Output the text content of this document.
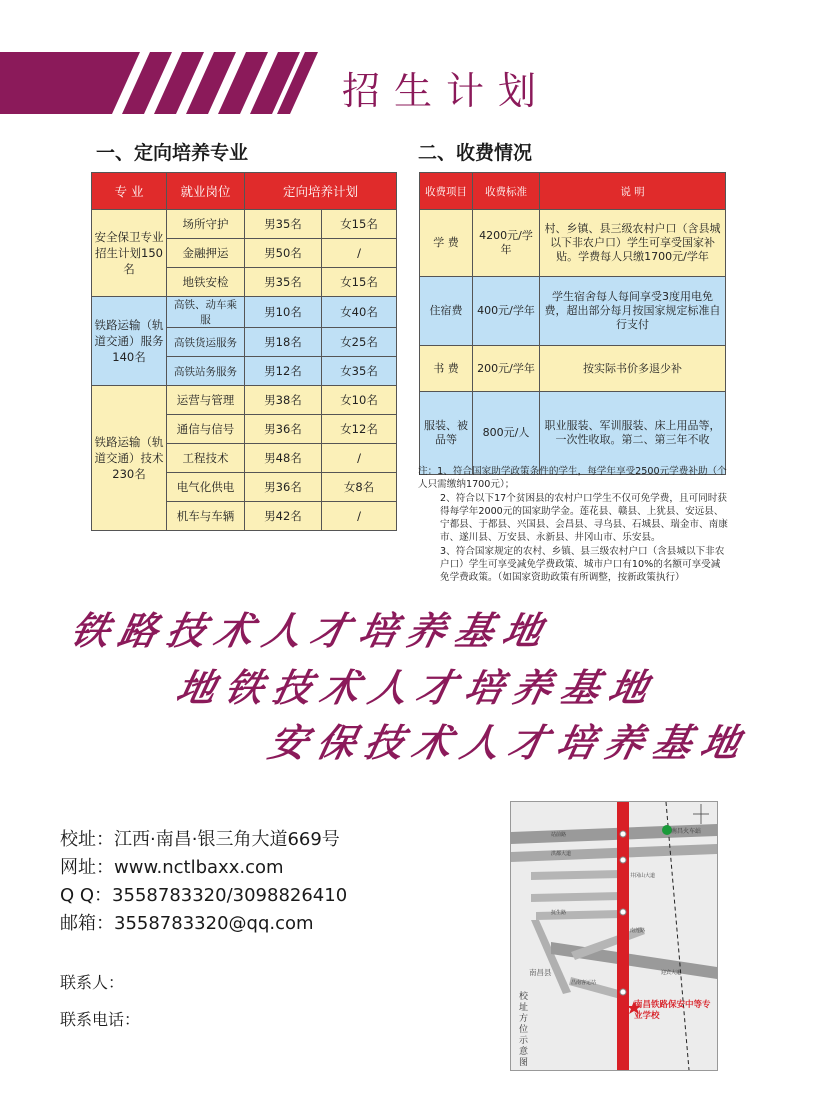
招生计划
一、定向培养专业	二、收费情况
专 业	就业岗位	定向培养计划	
安全保卫专业招生计划150名	场所守护	男35名	女15名
	金融押运	男50名	/
	地铁安检	男35名	女15名
铁路运输（轨道交通）服务140名	高铁、动车乘服	男10名	女40名
	高铁货运服务	男18名	女25名
	高铁站务服务	男12名	女35名
铁路运输（轨道交通）技术230名	运营与管理	男38名	女10名
	通信与信号	男36名	女12名
	工程技术	男48名	/
	电气化供电	男36名	女8名
	机车与车辆	男42名	/
收费项目	收费标准	说 明
学 费	4200元/学年	村、乡镇、县三级农村户口（含县城以下非农户口）学生可享受国家补贴。学费每人只缴1700元/学年
住宿费	400元/学年	学生宿舍每人每间享受3度用电免费，超出部分每月按国家规定标准自行支付
书 费	200元/学年	按实际书价多退少补
服装、被品等	800元/人	职业服装、军训服装、床上用品等，一次性收取。第二、第三年不收

注：1、符合国家助学政策条件的学生，每学年享受2500元学费补助（个人只需缴纳1700元）；

2、符合以下17个贫困县的农村户口学生不仅可免学费，且可同时获得每学年2000元的国家助学金。莲花县、赣县、上犹县、安远县、宁都县、于都县、兴国县、会昌县、寻乌县、石城县、瑞金市、南康市、遂川县、万安县、永新县、井冈山市、乐安县。

3、符合国家规定的农村、乡镇、县三级农村户口（含县城以下非农户口）学生可享受减免学费政策、城市户口有10%的名额可享受减免学费政策。（如国家资助政策有所调整，按新政策执行）

铁路技术人才培养基地
地铁技术人才培养基地
安保技术人才培养基地
校址：江西·南昌·银三角大道669号
网址：www.nctlbaxx.com
Q Q：3558783320/3098826410
邮箱：3558783320@qq.com
联系人：
联系电话：
站前路
洪都大道
井冈山大道
南莲路
迎宾大道
抚生路
昌南客运站
南昌火车站
南昌县
南昌铁路保安中等专业学校
校址方位示意图
